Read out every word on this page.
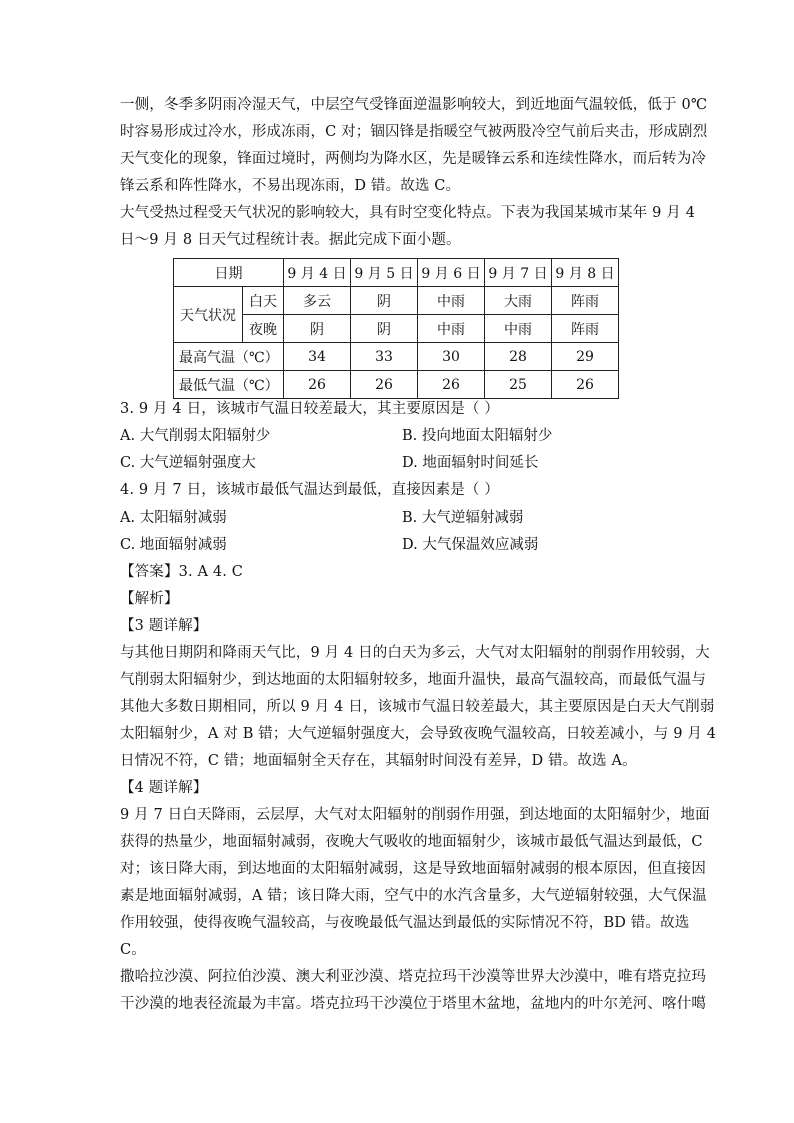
一侧，冬季多阴雨冷湿天气，中层空气受锋面逆温影响较大，到近地面气温较低，低于 0℃
时容易形成过冷水，形成冻雨，C 对；锢囚锋是指暖空气被两股冷空气前后夹击，形成剧烈
天气变化的现象，锋面过境时，两侧均为降水区，先是暖锋云系和连续性降水，而后转为冷
锋云系和阵性降水，不易出现冻雨，D 错。故选 C。
大气受热过程受天气状况的影响较大，具有时空变化特点。下表为我国某城市某年 9 月 4
日～9 月 8 日天气过程统计表。据此完成下面小题。
日期		9 月 4 日	9 月 5 日	9 月 6 日	9 月 7 日	9 月 8 日
天气状况	白天	多云	阴	中雨	大雨	阵雨
	夜晚	阴	阴	中雨	中雨	阵雨
最高气温（℃）		34	33	30	28	29
最低气温（℃）		26	26	26	25	26
3. 9 月 4 日，该城市气温日较差最大，其主要原因是（ ）
A. 大气削弱太阳辐射少	B. 投向地面太阳辐射少
C. 大气逆辐射强度大	D. 地面辐射时间延长
4. 9 月 7 日，该城市最低气温达到最低，直接因素是（ ）
A. 太阳辐射减弱	B. 大气逆辐射减弱
C. 地面辐射减弱	D. 大气保温效应减弱
【答案】3. A 4. C
【解析】
【3 题详解】
与其他日期阴和降雨天气比，9 月 4 日的白天为多云，大气对太阳辐射的削弱作用较弱，大
气削弱太阳辐射少，到达地面的太阳辐射较多，地面升温快，最高气温较高，而最低气温与
其他大多数日期相同，所以 9 月 4 日，该城市气温日较差最大，其主要原因是白天大气削弱
太阳辐射少，A 对 B 错；大气逆辐射强度大，会导致夜晚气温较高，日较差减小，与 9 月 4
日情况不符，C 错；地面辐射全天存在，其辐射时间没有差异，D 错。故选 A。
【4 题详解】
9 月 7 日白天降雨，云层厚，大气对太阳辐射的削弱作用强，到达地面的太阳辐射少，地面
获得的热量少，地面辐射减弱，夜晚大气吸收的地面辐射少，该城市最低气温达到最低，C
对；该日降大雨，到达地面的太阳辐射减弱，这是导致地面辐射减弱的根本原因，但直接因
素是地面辐射减弱，A 错；该日降大雨，空气中的水汽含量多，大气逆辐射较强，大气保温
作用较强，使得夜晚气温较高，与夜晚最低气温达到最低的实际情况不符，BD 错。故选
C。
撒哈拉沙漠、阿拉伯沙漠、澳大利亚沙漠、塔克拉玛干沙漠等世界大沙漠中，唯有塔克拉玛
干沙漠的地表径流最为丰富。塔克拉玛干沙漠位于塔里木盆地，盆地内的叶尔羌河、喀什噶
